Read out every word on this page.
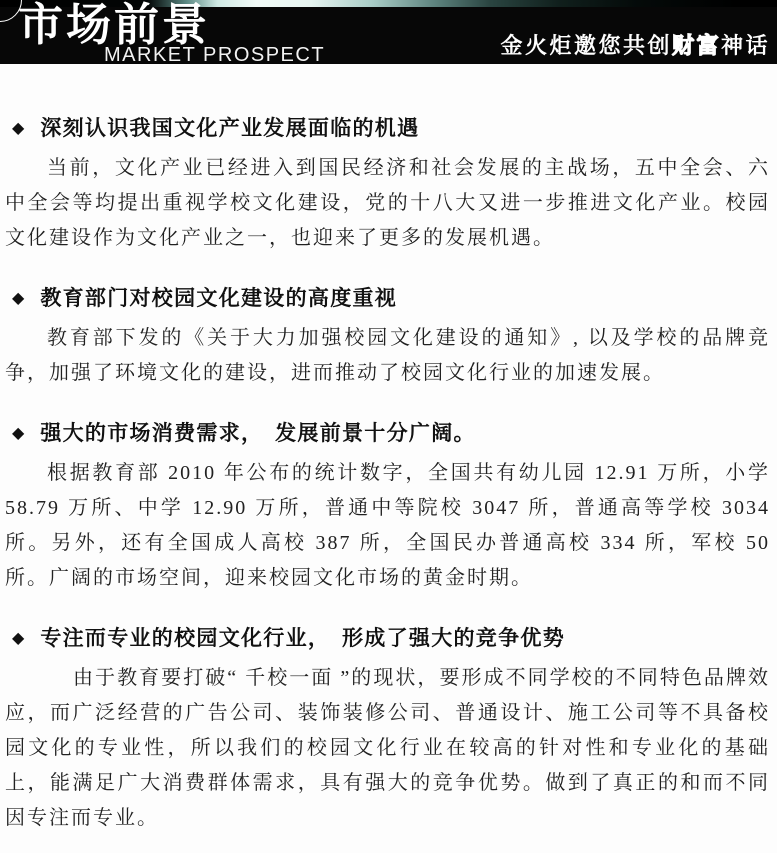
市场前景
MARKET PROSPECT	金火炬邀您共创财富神话
◆ 深刻认识我国文化产业发展面临的机遇

当前，文化产业已经进入到国民经济和社会发展的主战场，五中全会、六中全会等均提出重视学校文化建设，党的十八大又进一步推进文化产业。校园文化建设作为文化产业之一，也迎来了更多的发展机遇。

◆ 教育部门对校园文化建设的高度重视

教育部下发的《关于大力加强校园文化建设的通知》, 以及学校的品牌竞争，加强了环境文化的建设，进而推动了校园文化行业的加速发展。

◆ 强大的市场消费需求，　发展前景十分广阔。

根据教育部 2010 年公布的统计数字，全国共有幼儿园 12.91 万所，小学 58.79 万所、中学 12.90 万所，普通中等院校 3047 所，普通高等学校 3034 所。另外，还有全国成人高校 387 所，全国民办普通高校 334 所，军校 50 所。广阔的市场空间，迎来校园文化市场的黄金时期。

◆ 专注而专业的校园文化行业，　形成了强大的竞争优势

由于教育要打破“ 千校一面 ”的现状，要形成不同学校的不同特色品牌效应，而广泛经营的广告公司、装饰装修公司、普通设计、施工公司等不具备校园文化的专业性，所以我们的校园文化行业在较高的针对性和专业化的基础上，能满足广大消费群体需求，具有强大的竞争优势。做到了真正的和而不同因专注而专业。
